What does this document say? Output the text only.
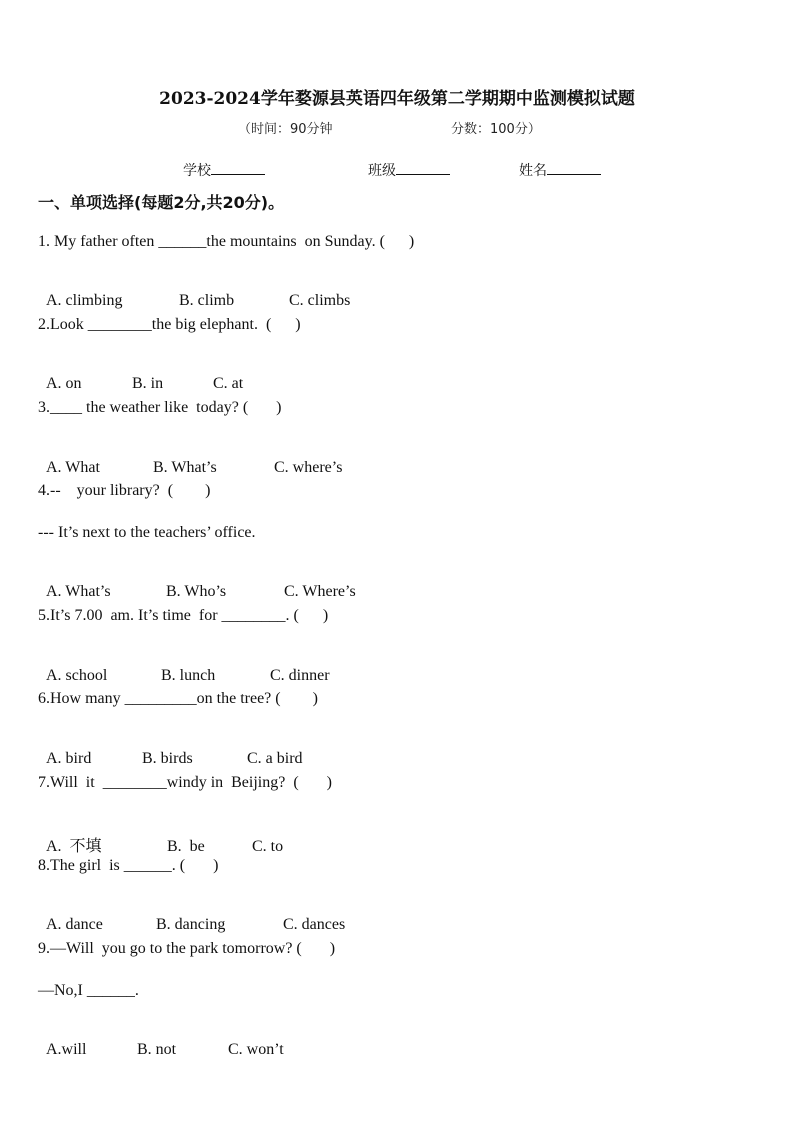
2023-2024学年婺源县英语四年级第二学期期中监测模拟试题
（时间：90分钟	分数：100分）
学校	班级	姓名
一、单项选择(每题2分,共20分)。
1. My father often ______the mountains  on Sunday. (      )

A. climbing	B. climb	C. climbs

2.Look ________the big elephant.  (      )

A. on	B. in	C. at

3.____ the weather like  today? (       )

A. What	B. What’s	C. where’s

4.--    your library?  (        )
--- It’s next to the teachers’ office.

A. What’s	B. Who’s	C. Where’s

5.It’s 7.00  am. It’s time  for ________. (      )

A. school	B. lunch	C. dinner

6.How many _________on the tree? (        )

A. bird	B. birds	C. a bird

7.Will  it  ________windy in  Beijing?  (       )

A.  不填	B.  be	C. to

8.The girl  is ______. (       )

A. dance	B. dancing	C. dances

9.—Will  you go to the park tomorrow? (       )
—No,I ______.

A.will	B. not	C. won’t
